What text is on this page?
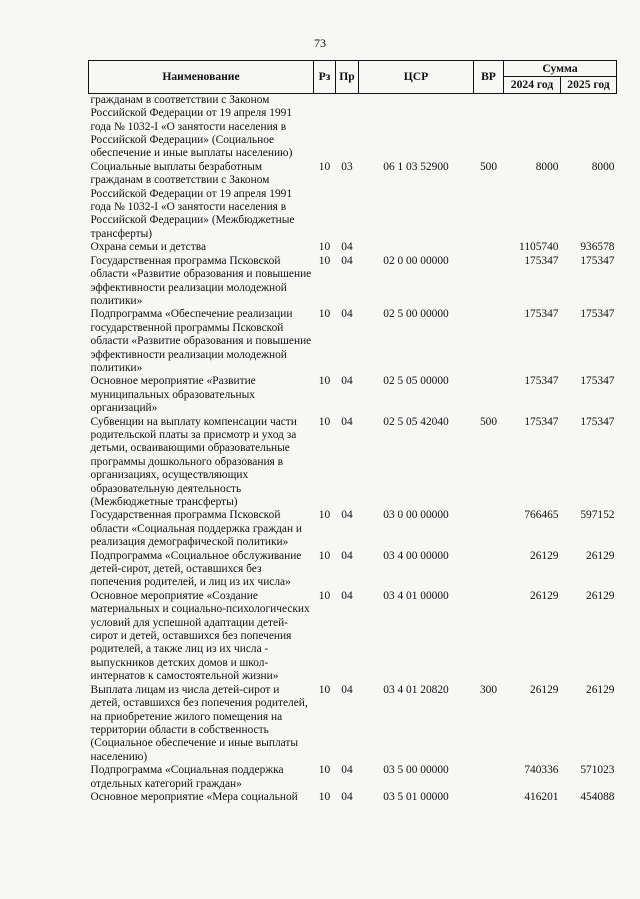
73
Наименование	Рз	Пр	ЦСР	ВР	Сумма	
					2024 год	2025 год
гражданам в соответствии с Законом Российской Федерации от 19 апреля 1991 года № 1032-I «О занятости населения в Российской Федерации» (Социальное обеспечение и иные выплаты населению)						
Социальные выплаты безработным гражданам в соответствии с Законом Российской Федерации от 19 апреля 1991 года № 1032-I «О занятости населения в Российской Федерации» (Межбюджетные трансферты)	10	03	06 1 03 52900	500	8000	8000
Охрана семьи и детства	10	04			1105740	936578
Государственная программа Псковской области «Развитие образования и повышение эффективности реализации молодежной политики»	10	04	02 0 00 00000		175347	175347
Подпрограмма «Обеспечение реализации государственной программы Псковской области «Развитие образования и повышение эффективности реализации молодежной политики»	10	04	02 5 00 00000		175347	175347
Основное мероприятие «Развитие муниципальных образовательных организаций»	10	04	02 5 05 00000		175347	175347
Субвенции на выплату компенсации части родительской платы за присмотр и уход за детьми, осваивающими образовательные программы дошкольного образования в организациях, осуществляющих образовательную деятельность (Межбюджетные трансферты)	10	04	02 5 05 42040	500	175347	175347
Государственная программа Псковской области «Социальная поддержка граждан и реализация демографической политики»	10	04	03 0 00 00000		766465	597152
Подпрограмма «Социальное обслуживание детей-сирот, детей, оставшихся без попечения родителей, и лиц из их числа»	10	04	03 4 00 00000		26129	26129
Основное мероприятие «Создание материальных и социально-психологических условий для успешной адаптации детей-сирот и детей, оставшихся без попечения родителей, а также лиц из их числа - выпускников детских домов и школ-интернатов к самостоятельной жизни»	10	04	03 4 01 00000		26129	26129
Выплата лицам из числа детей-сирот и детей, оставшихся без попечения родителей, на приобретение жилого помещения на территории области в собственность (Социальное обеспечение и иные выплаты населению)	10	04	03 4 01 20820	300	26129	26129
Подпрограмма «Социальная поддержка отдельных категорий граждан»	10	04	03 5 00 00000		740336	571023
Основное мероприятие «Мера социальной	10	04	03 5 01 00000		416201	454088
